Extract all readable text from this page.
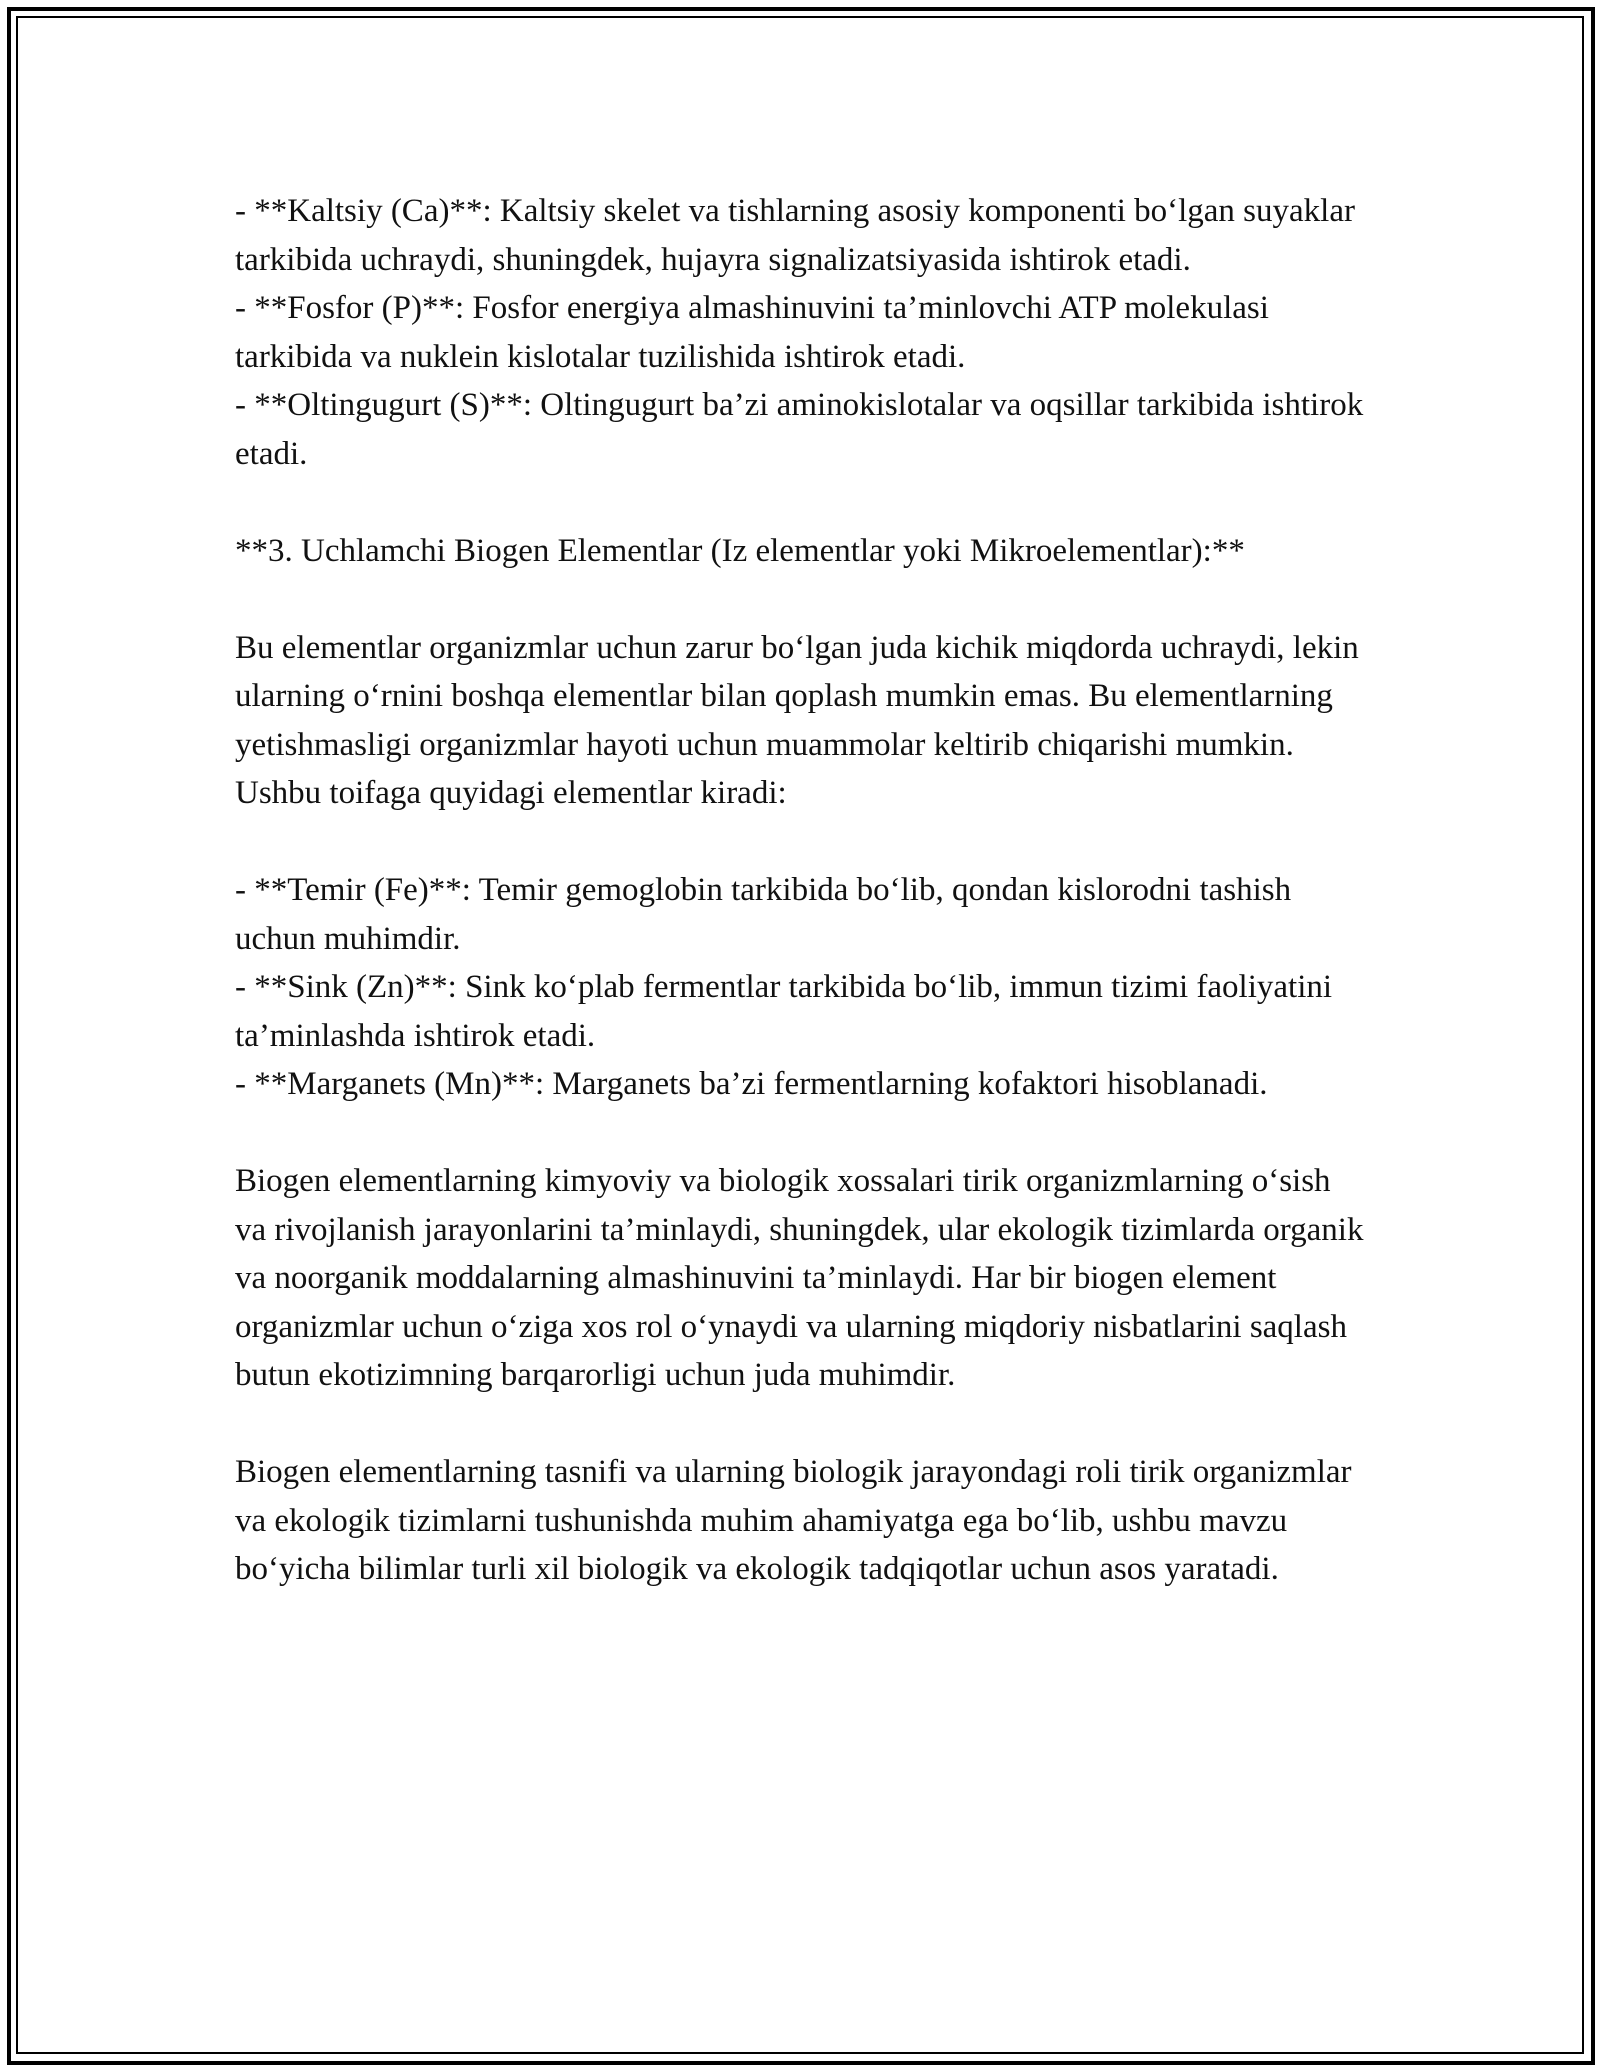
- **Kaltsiy (Ca)**: Kaltsiy skelet va tishlarning asosiy komponenti bo‘lgan suyaklar tarkibida uchraydi, shuningdek, hujayra signalizatsiyasida ishtirok etadi.

- **Fosfor (P)**: Fosfor energiya almashinuvini ta’minlovchi ATP molekulasi tarkibida va nuklein kislotalar tuzilishida ishtirok etadi.

- **Oltingugurt (S)**: Oltingugurt ba’zi aminokislotalar va oqsillar tarkibida ishtirok etadi.

**3. Uchlamchi Biogen Elementlar (Iz elementlar yoki Mikroelementlar):**

Bu elementlar organizmlar uchun zarur bo‘lgan juda kichik miqdorda uchraydi, lekin ularning o‘rnini boshqa elementlar bilan qoplash mumkin emas. Bu elementlarning yetishmasligi organizmlar hayoti uchun muammolar keltirib chiqarishi mumkin. Ushbu toifaga quyidagi elementlar kiradi:

- **Temir (Fe)**: Temir gemoglobin tarkibida bo‘lib, qondan kislorodni tashish uchun muhimdir.

- **Sink (Zn)**: Sink ko‘plab fermentlar tarkibida bo‘lib, immun tizimi faoliyatini ta’minlashda ishtirok etadi.

- **Marganets (Mn)**: Marganets ba’zi fermentlarning kofaktori hisoblanadi.

Biogen elementlarning kimyoviy va biologik xossalari tirik organizmlarning o‘sish va rivojlanish jarayonlarini ta’minlaydi, shuningdek, ular ekologik tizimlarda organik va noorganik moddalarning almashinuvini ta’minlaydi. Har bir biogen element organizmlar uchun o‘ziga xos rol o‘ynaydi va ularning miqdoriy nisbatlarini saqlash butun ekotizimning barqarorligi uchun juda muhimdir.

Biogen elementlarning tasnifi va ularning biologik jarayondagi roli tirik organizmlar va ekologik tizimlarni tushunishda muhim ahamiyatga ega bo‘lib, ushbu mavzu bo‘yicha bilimlar turli xil biologik va ekologik tadqiqotlar uchun asos yaratadi.
